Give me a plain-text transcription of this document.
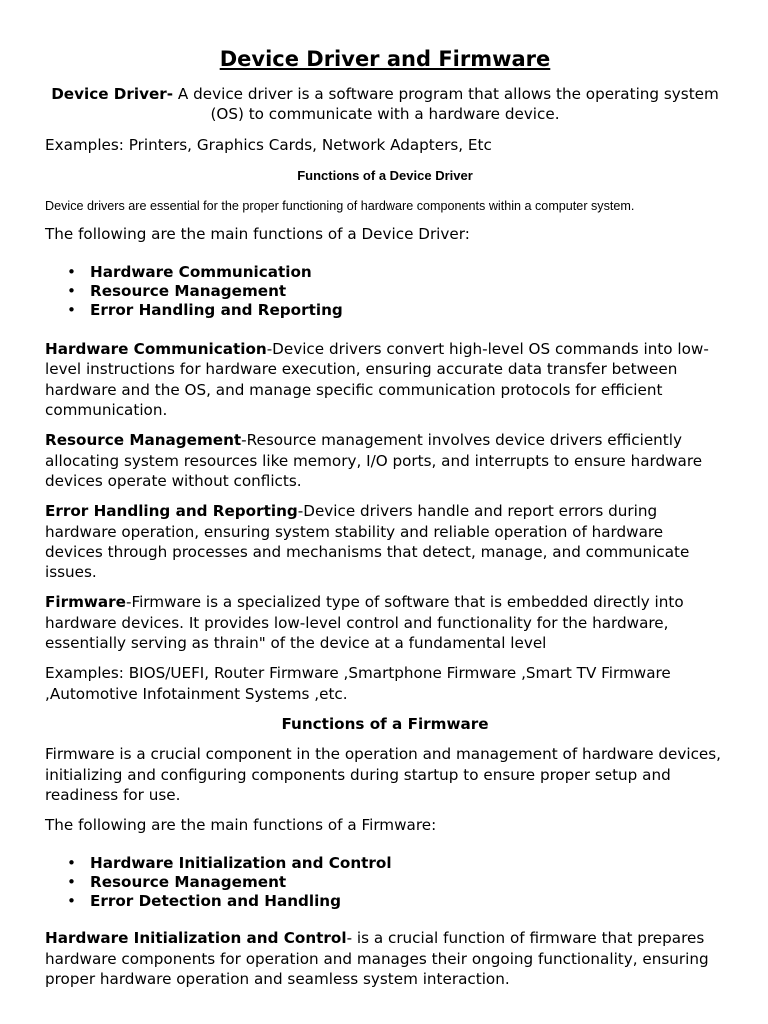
Device Driver and Firmware

Device Driver- A device driver is a software program that allows the operating system (OS) to communicate with a hardware device.

Examples: Printers, Graphics Cards, Network Adapters, Etc

Functions of a Device Driver

Device drivers are essential for the proper functioning of hardware components within a computer system.

The following are the main functions of a Device Driver:

• Hardware Communication
• Resource Management
• Error Handling and Reporting

Hardware Communication-Device drivers convert high-level OS commands into low-level instructions for hardware execution, ensuring accurate data transfer between hardware and the OS, and manage specific communication protocols for efficient communication.

Resource Management-Resource management involves device drivers efficiently allocating system resources like memory, I/O ports, and interrupts to ensure hardware devices operate without conflicts.

Error Handling and Reporting-Device drivers handle and report errors during hardware operation, ensuring system stability and reliable operation of hardware devices through processes and mechanisms that detect, manage, and communicate issues.

Firmware-Firmware is a specialized type of software that is embedded directly into hardware devices. It provides low-level control and functionality for the hardware, essentially serving as thrain" of the device at a fundamental level

Examples: BIOS/UEFI, Router Firmware ,Smartphone Firmware ,Smart TV Firmware ,Automotive Infotainment Systems ,etc.

Functions of a Firmware

Firmware is a crucial component in the operation and management of hardware devices, initializing and configuring components during startup to ensure proper setup and readiness for use.

The following are the main functions of a Firmware:

• Hardware Initialization and Control
• Resource Management
• Error Detection and Handling

Hardware Initialization and Control- is a crucial function of firmware that prepares hardware components for operation and manages their ongoing functionality, ensuring proper hardware operation and seamless system interaction.
